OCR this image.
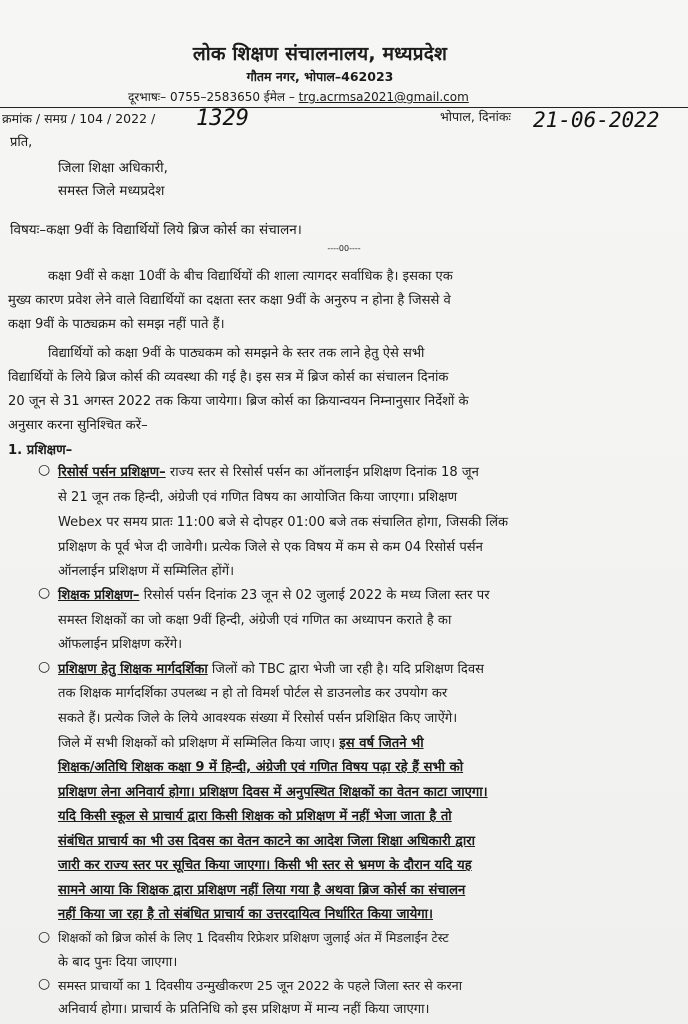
लोक शिक्षण संचालनालय, मध्यप्रदेश
गौतम नगर, भोपाल–462023
दूरभाषः– 0755–2583650 ईमेल – trg.acrmsa2021@gmail.com
क्रमांक / समग्र / 104 / 2022 / 1329	भोपाल, दिनांकः 21-06-2022
प्रति,
जिला शिक्षा अधिकारी,
समस्त जिले मध्यप्रदेश
विषयः–कक्षा 9वीं के विद्यार्थियों लिये ब्रिज कोर्स का संचालन।
----00----
कक्षा 9वीं से कक्षा 10वीं के बीच विद्यार्थियों की शाला त्यागदर सर्वाधिक है। इसका एक
मुख्य कारण प्रवेश लेने वाले विद्यार्थियों का दक्षता स्तर कक्षा 9वीं के अनुरुप न होना है जिससे वे
कक्षा 9वीं के पाठ्यक्रम को समझ नहीं पाते हैं।
विद्यार्थियों को कक्षा 9वीं के पाठ्यकम को समझने के स्तर तक लाने हेतु ऐसे सभी
विद्यार्थियों के लिये ब्रिज कोर्स की व्यवस्था की गई है। इस सत्र में ब्रिज कोर्स का संचालन दिनांक
20 जून से 31 अगस्त 2022 तक किया जायेगा। ब्रिज कोर्स का क्रियान्वयन निम्नानुसार निर्देशों के
अनुसार करना सुनिश्चित करें–
1. प्रशिक्षण–
○ रिसोर्स पर्सन प्रशिक्षण– राज्य स्तर से रिसोर्स पर्सन का ऑनलाईन प्रशिक्षण दिनांक 18 जून
से 21 जून तक हिन्दी, अंग्रेजी एवं गणित विषय का आयोजित किया जाएगा। प्रशिक्षण
Webex पर समय प्रातः 11:00 बजे से दोपहर 01:00 बजे तक संचालित होगा, जिसकी लिंक
प्रशिक्षण के पूर्व भेज दी जावेगी। प्रत्येक जिले से एक विषय में कम से कम 04 रिसोर्स पर्सन
ऑनलाईन प्रशिक्षण में सम्मिलित होंगें।
○ शिक्षक प्रशिक्षण– रिसोर्स पर्सन दिनांक 23 जून से 02 जुलाई 2022 के मध्य जिला स्तर पर
समस्त शिक्षकों का जो कक्षा 9वीं हिन्दी, अंग्रेजी एवं गणित का अध्यापन कराते है का
ऑफलाईन प्रशिक्षण करेंगे।
○ प्रशिक्षण हेतु शिक्षक मार्गदर्शिका जिलों को TBC द्वारा भेजी जा रही है। यदि प्रशिक्षण दिवस
तक शिक्षक मार्गदर्शिका उपलब्ध न हो तो विमर्श पोर्टल से डाउनलोड कर उपयोग कर
सकते हैं। प्रत्येक जिले के लिये आवश्यक संख्या में रिसोर्स पर्सन प्रशिक्षित किए जाऐंगे।
जिले में सभी शिक्षकों को प्रशिक्षण में सम्मिलित किया जाए। इस वर्ष जितने भी
शिक्षक/अतिथि शिक्षक कक्षा 9 में हिन्दी, अंग्रेजी एवं गणित विषय पढ़ा रहे हैं सभी को
प्रशिक्षण लेना अनिवार्य होगा। प्रशिक्षण दिवस में अनुपस्थित शिक्षकों का वेतन काटा जाएगा।
यदि किसी स्कूल से प्राचार्य द्वारा किसी शिक्षक को प्रशिक्षण में नहीं भेजा जाता है तो
संबंधित प्राचार्य का भी उस दिवस का वेतन काटने का आदेश जिला शिक्षा अधिकारी द्वारा
जारी कर राज्य स्तर पर सूचित किया जाएगा। किसी भी स्तर से भ्रमण के दौरान यदि यह
सामने आया कि शिक्षक द्वारा प्रशिक्षण नहीं लिया गया है अथवा ब्रिज कोर्स का संचालन
नहीं किया जा रहा है तो संबंधित प्राचार्य का उत्तरदायित्व निर्धारित किया जायेगा।
○ शिक्षकों को ब्रिज कोर्स के लिए 1 दिवसीय रिफ्रेशर प्रशिक्षण जुलाई अंत में मिडलाईन टेस्ट
के बाद पुनः दिया जाएगा।
○ समस्त प्राचार्यो का 1 दिवसीय उन्मुखीकरण 25 जून 2022 के पहले जिला स्तर से करना
अनिवार्य होगा। प्राचार्य के प्रतिनिधि को इस प्रशिक्षण में मान्य नहीं किया जाएगा।
